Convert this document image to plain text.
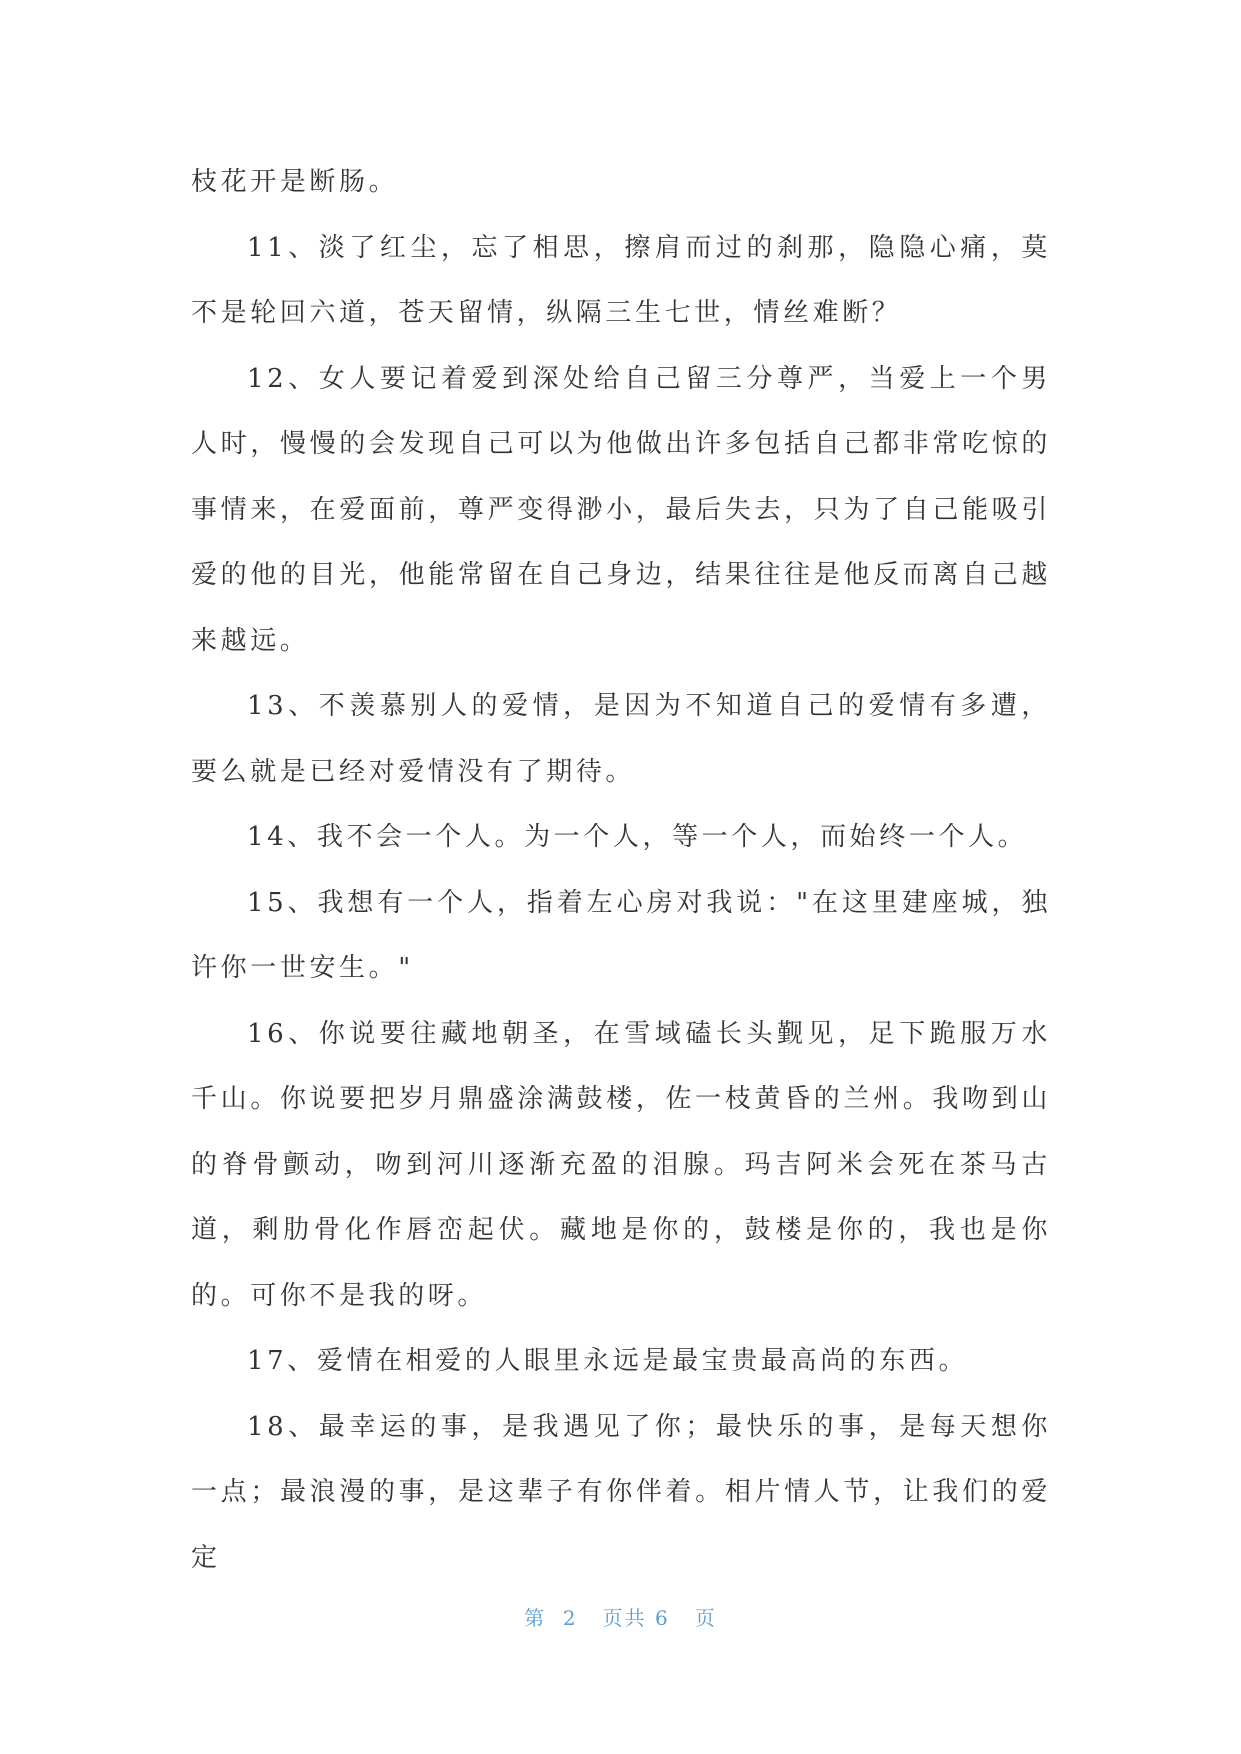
枝花开是断肠。

11、淡了红尘，忘了相思，擦肩而过的刹那，隐隐心痛，莫不是轮回六道，苍天留情，纵隔三生七世，情丝难断？

12、女人要记着爱到深处给自己留三分尊严，当爱上一个男人时，慢慢的会发现自己可以为他做出许多包括自己都非常吃惊的事情来，在爱面前，尊严变得渺小，最后失去，只为了自己能吸引爱的他的目光，他能常留在自己身边，结果往往是他反而离自己越来越远。

13、不羡慕别人的爱情，是因为不知道自己的爱情有多遭，要么就是已经对爱情没有了期待。

14、我不会一个人。为一个人，等一个人，而始终一个人。

15、我想有一个人，指着左心房对我说："在这里建座城，独许你一世安生。"

16、你说要往藏地朝圣，在雪域磕长头觐见，足下跪服万水千山。你说要把岁月鼎盛涂满鼓楼，佐一枝黄昏的兰州。我吻到山的脊骨颤动，吻到河川逐渐充盈的泪腺。玛吉阿米会死在茶马古道，剩肋骨化作唇峦起伏。藏地是你的，鼓楼是你的，我也是你的。可你不是我的呀。

17、爱情在相爱的人眼里永远是最宝贵最高尚的东西。

18、最幸运的事，是我遇见了你；最快乐的事，是每天想你一点；最浪漫的事，是这辈子有你伴着。相片情人节，让我们的爱定

第  2   页共 6   页
